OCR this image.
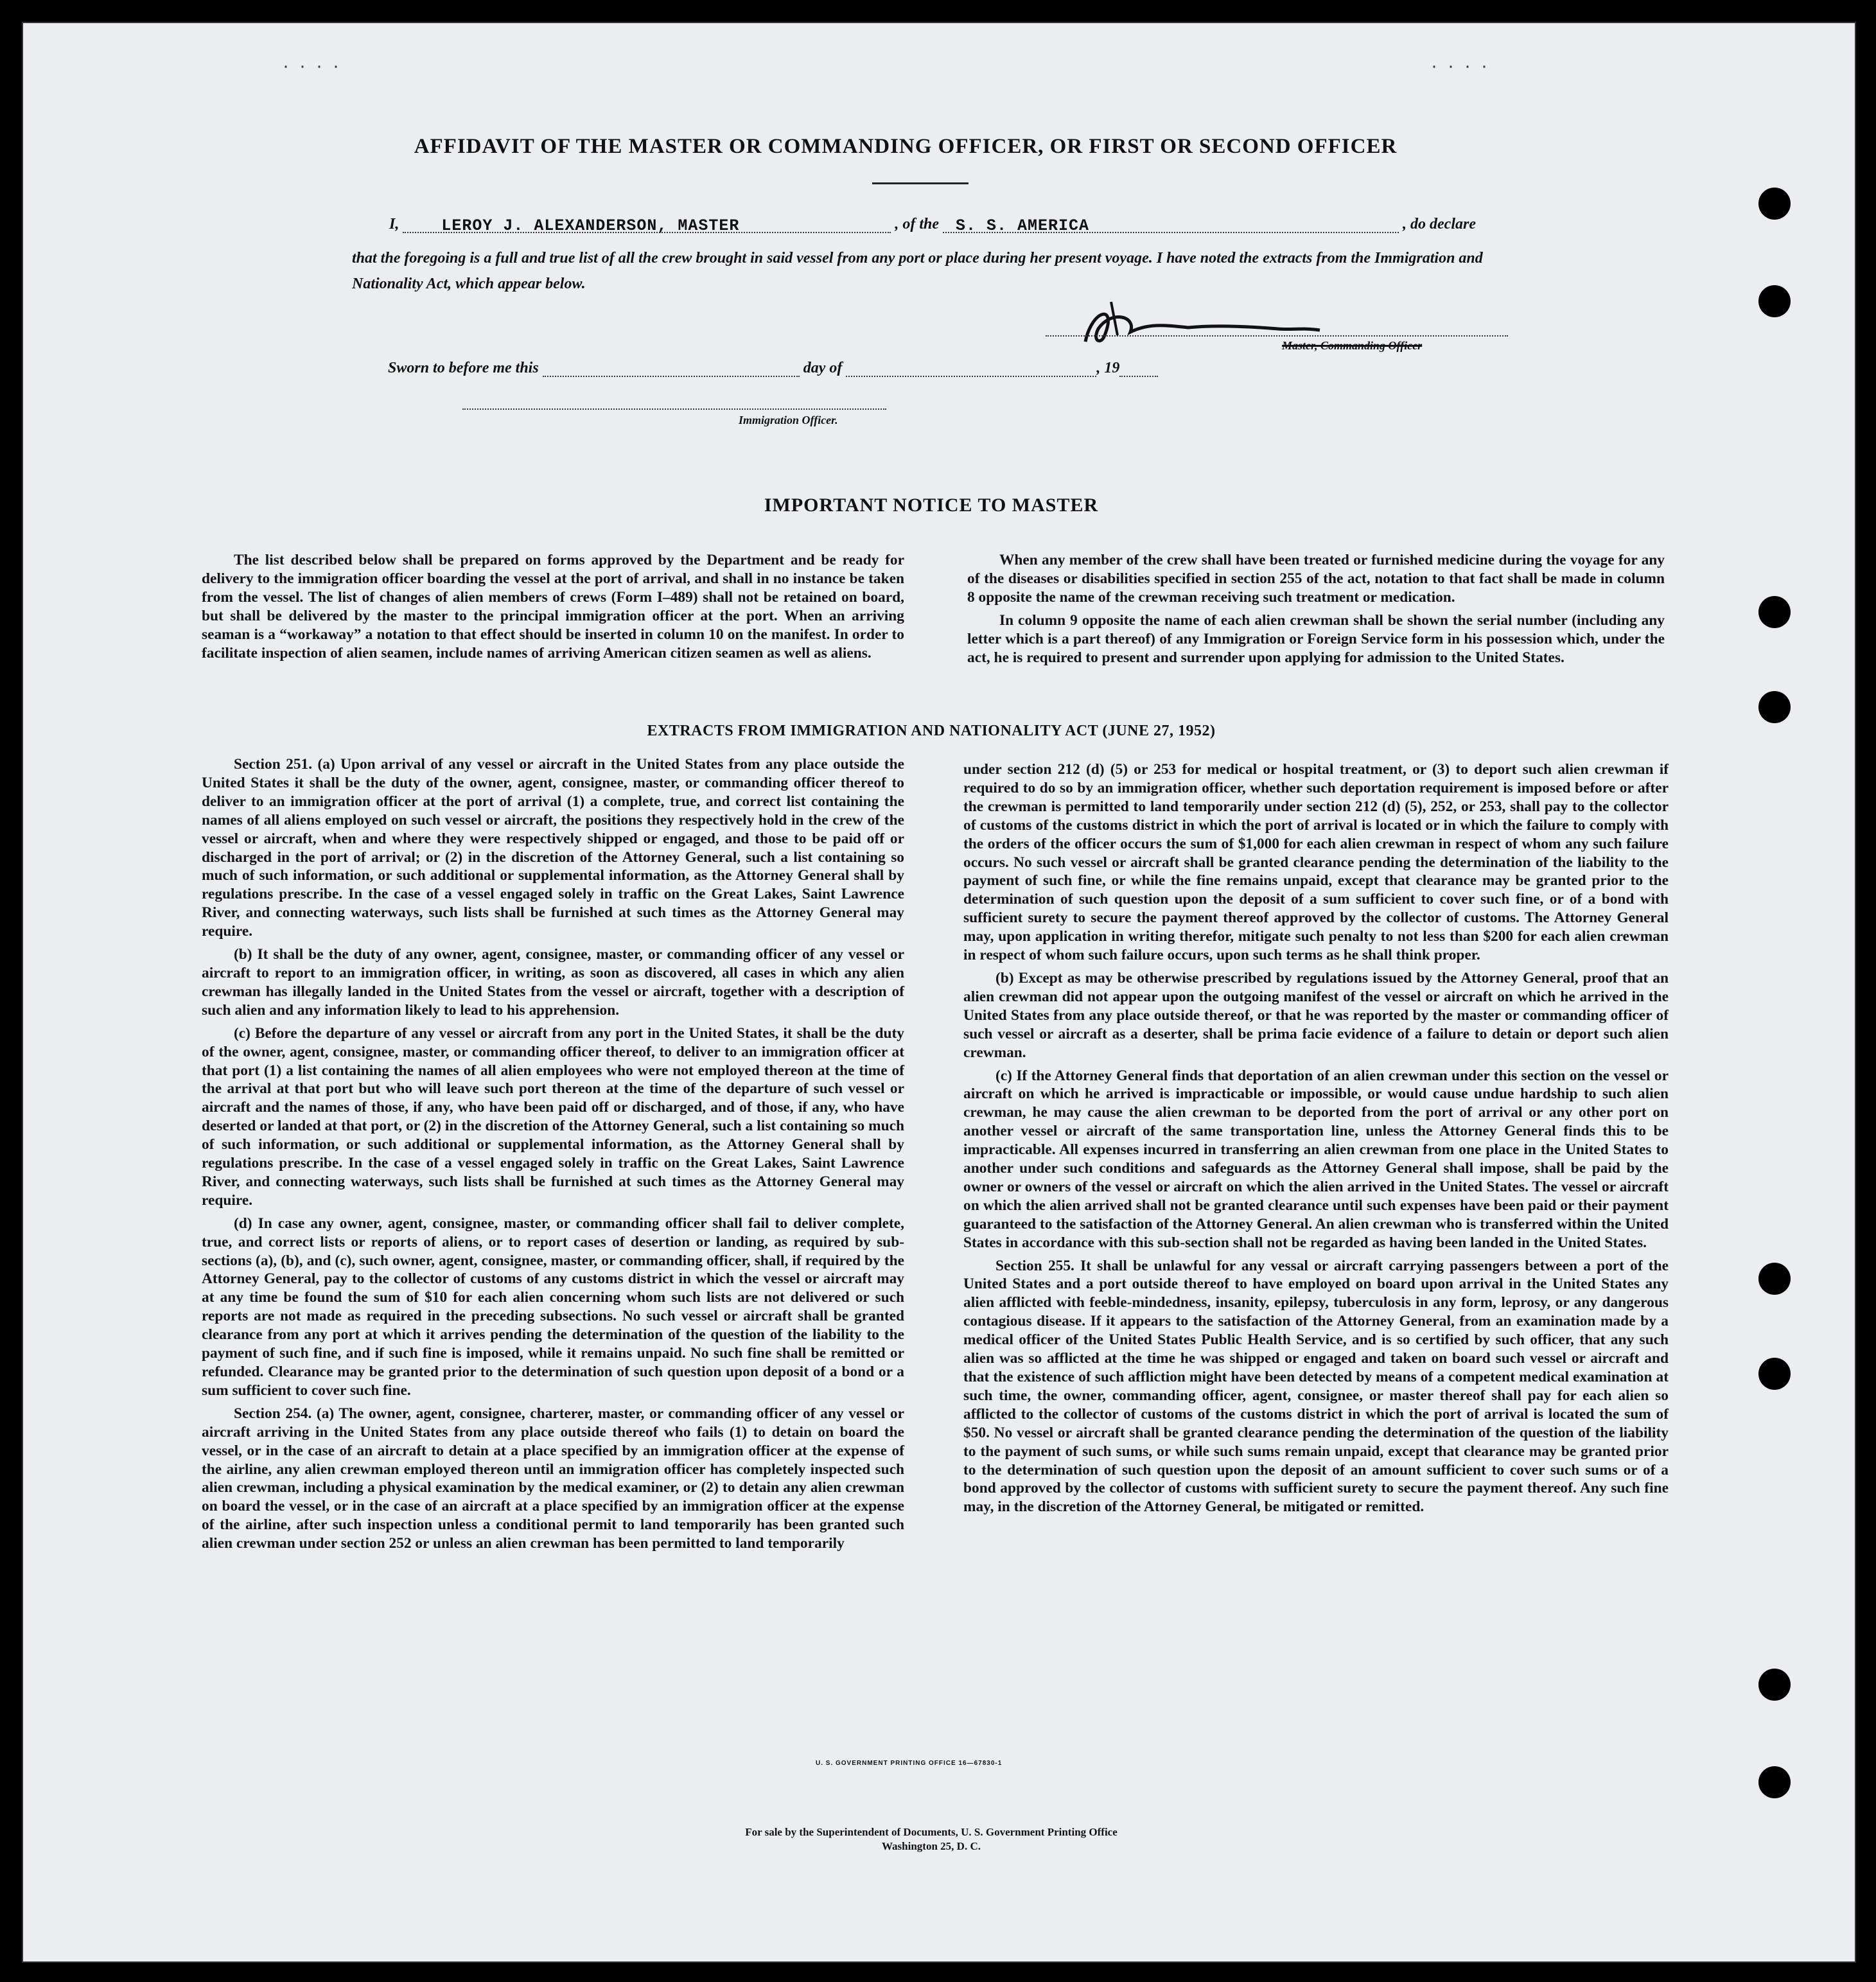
····	····
AFFIDAVIT OF THE MASTER OR COMMANDING OFFICER, OR FIRST OR SECOND OFFICER
I,	LEROY J. ALEXANDERSON, MASTER	, of the S. S. AMERICA	, do declare
that the foregoing is a full and true list of all the crew brought in said vessel from any port or place during her present voyage. I have noted the extracts from the Immigration and Nationality Act, which appear below.
Master, Commanding Officer
Sworn to before me this	day of	, 19
Immigration Officer.
IMPORTANT NOTICE TO MASTER

The list described below shall be prepared on forms approved by the Department and be ready for delivery to the immigration officer boarding the vessel at the port of arrival, and shall in no instance be taken from the vessel. The list of changes of alien members of crews (Form I–489) shall not be retained on board, but shall be delivered by the master to the principal immigration officer at the port. When an arriving seaman is a “workaway” a notation to that effect should be inserted in column 10 on the manifest. In order to facilitate inspection of alien seamen, include names of arriving American citizen seamen as well as aliens.

When any member of the crew shall have been treated or furnished medicine during the voyage for any of the diseases or disabilities specified in section 255 of the act, notation to that fact shall be made in column 8 opposite the name of the crewman receiving such treatment or medication.

In column 9 opposite the name of each alien crewman shall be shown the serial number (including any letter which is a part thereof) of any Immigration or Foreign Service form in his possession which, under the act, he is required to present and surrender upon applying for admission to the United States.

EXTRACTS FROM IMMIGRATION AND NATIONALITY ACT (JUNE 27, 1952)

Section 251. (a) Upon arrival of any vessel or aircraft in the United States from any place outside the United States it shall be the duty of the owner, agent, consignee, master, or commanding officer thereof to deliver to an immigration officer at the port of arrival (1) a complete, true, and correct list containing the names of all aliens employed on such vessel or aircraft, the positions they respectively hold in the crew of the vessel or aircraft, when and where they were respectively shipped or engaged, and those to be paid off or discharged in the port of arrival; or (2) in the discretion of the Attorney General, such a list containing so much of such information, or such additional or supplemental information, as the Attorney General shall by regulations prescribe. In the case of a vessel engaged solely in traffic on the Great Lakes, Saint Lawrence River, and connecting waterways, such lists shall be furnished at such times as the Attorney General may require.

(b) It shall be the duty of any owner, agent, consignee, master, or commanding officer of any vessel or aircraft to report to an immigration officer, in writing, as soon as discovered, all cases in which any alien crewman has illegally landed in the United States from the vessel or aircraft, together with a description of such alien and any information likely to lead to his apprehension.

(c) Before the departure of any vessel or aircraft from any port in the United States, it shall be the duty of the owner, agent, consignee, master, or commanding officer thereof, to deliver to an immigration officer at that port (1) a list containing the names of all alien employees who were not employed thereon at the time of the arrival at that port but who will leave such port thereon at the time of the departure of such vessel or aircraft and the names of those, if any, who have been paid off or discharged, and of those, if any, who have deserted or landed at that port, or (2) in the discretion of the Attorney General, such a list containing so much of such information, or such additional or supplemental information, as the Attorney General shall by regulations prescribe. In the case of a vessel engaged solely in traffic on the Great Lakes, Saint Lawrence River, and connecting waterways, such lists shall be furnished at such times as the Attorney General may require.

(d) In case any owner, agent, consignee, master, or commanding officer shall fail to deliver complete, true, and correct lists or reports of aliens, or to report cases of desertion or landing, as required by sub-sections (a), (b), and (c), such owner, agent, consignee, master, or commanding officer, shall, if required by the Attorney General, pay to the collector of customs of any customs district in which the vessel or aircraft may at any time be found the sum of $10 for each alien concerning whom such lists are not delivered or such reports are not made as required in the preceding subsections. No such vessel or aircraft shall be granted clearance from any port at which it arrives pending the determination of the question of the liability to the payment of such fine, and if such fine is imposed, while it remains unpaid. No such fine shall be remitted or refunded. Clearance may be granted prior to the determination of such question upon deposit of a bond or a sum sufficient to cover such fine.

Section 254. (a) The owner, agent, consignee, charterer, master, or commanding officer of any vessel or aircraft arriving in the United States from any place outside thereof who fails (1) to detain on board the vessel, or in the case of an aircraft to detain at a place specified by an immigration officer at the expense of the airline, any alien crewman employed thereon until an immigration officer has completely inspected such alien crewman, including a physical examination by the medical examiner, or (2) to detain any alien crewman on board the vessel, or in the case of an aircraft at a place specified by an immigration officer at the expense of the airline, after such inspection unless a conditional permit to land temporarily has been granted such alien crewman under section 252 or unless an alien crewman has been permitted to land temporarily

under section 212 (d) (5) or 253 for medical or hospital treatment, or (3) to deport such alien crewman if required to do so by an immigration officer, whether such deportation requirement is imposed before or after the crewman is permitted to land temporarily under section 212 (d) (5), 252, or 253, shall pay to the collector of customs of the customs district in which the port of arrival is located or in which the failure to comply with the orders of the officer occurs the sum of $1,000 for each alien crewman in respect of whom any such failure occurs. No such vessel or aircraft shall be granted clearance pending the determination of the liability to the payment of such fine, or while the fine remains unpaid, except that clearance may be granted prior to the determination of such question upon the deposit of a sum sufficient to cover such fine, or of a bond with sufficient surety to secure the payment thereof approved by the collector of customs. The Attorney General may, upon application in writing therefor, mitigate such penalty to not less than $200 for each alien crewman in respect of whom such failure occurs, upon such terms as he shall think proper.

(b) Except as may be otherwise prescribed by regulations issued by the Attorney General, proof that an alien crewman did not appear upon the outgoing manifest of the vessel or aircraft on which he arrived in the United States from any place outside thereof, or that he was reported by the master or commanding officer of such vessel or aircraft as a deserter, shall be prima facie evidence of a failure to detain or deport such alien crewman.

(c) If the Attorney General finds that deportation of an alien crewman under this section on the vessel or aircraft on which he arrived is impracticable or impossible, or would cause undue hardship to such alien crewman, he may cause the alien crewman to be deported from the port of arrival or any other port on another vessel or aircraft of the same transportation line, unless the Attorney General finds this to be impracticable. All expenses incurred in transferring an alien crewman from one place in the United States to another under such conditions and safeguards as the Attorney General shall impose, shall be paid by the owner or owners of the vessel or aircraft on which the alien arrived in the United States. The vessel or aircraft on which the alien arrived shall not be granted clearance until such expenses have been paid or their payment guaranteed to the satisfaction of the Attorney General. An alien crewman who is transferred within the United States in accordance with this sub-section shall not be regarded as having been landed in the United States.

Section 255. It shall be unlawful for any vessal or aircraft carrying passengers between a port of the United States and a port outside thereof to have employed on board upon arrival in the United States any alien afflicted with feeble-mindedness, insanity, epilepsy, tuberculosis in any form, leprosy, or any dangerous contagious disease. If it appears to the satisfaction of the Attorney General, from an examination made by a medical officer of the United States Public Health Service, and is so certified by such officer, that any such alien was so afflicted at the time he was shipped or engaged and taken on board such vessel or aircraft and that the existence of such affliction might have been detected by means of a competent medical examination at such time, the owner, commanding officer, agent, consignee, or master thereof shall pay for each alien so afflicted to the collector of customs of the customs district in which the port of arrival is located the sum of $50. No vessel or aircraft shall be granted clearance pending the determination of the question of the liability to the payment of such sums, or while such sums remain unpaid, except that clearance may be granted prior to the determination of such question upon the deposit of an amount sufficient to cover such sums or of a bond approved by the collector of customs with sufficient surety to secure the payment thereof. Any such fine may, in the discretion of the Attorney General, be mitigated or remitted.

U. S. GOVERNMENT PRINTING OFFICE 16—67830-1
For sale by the Superintendent of Documents, U. S. Government Printing Office
Washington 25, D. C.
